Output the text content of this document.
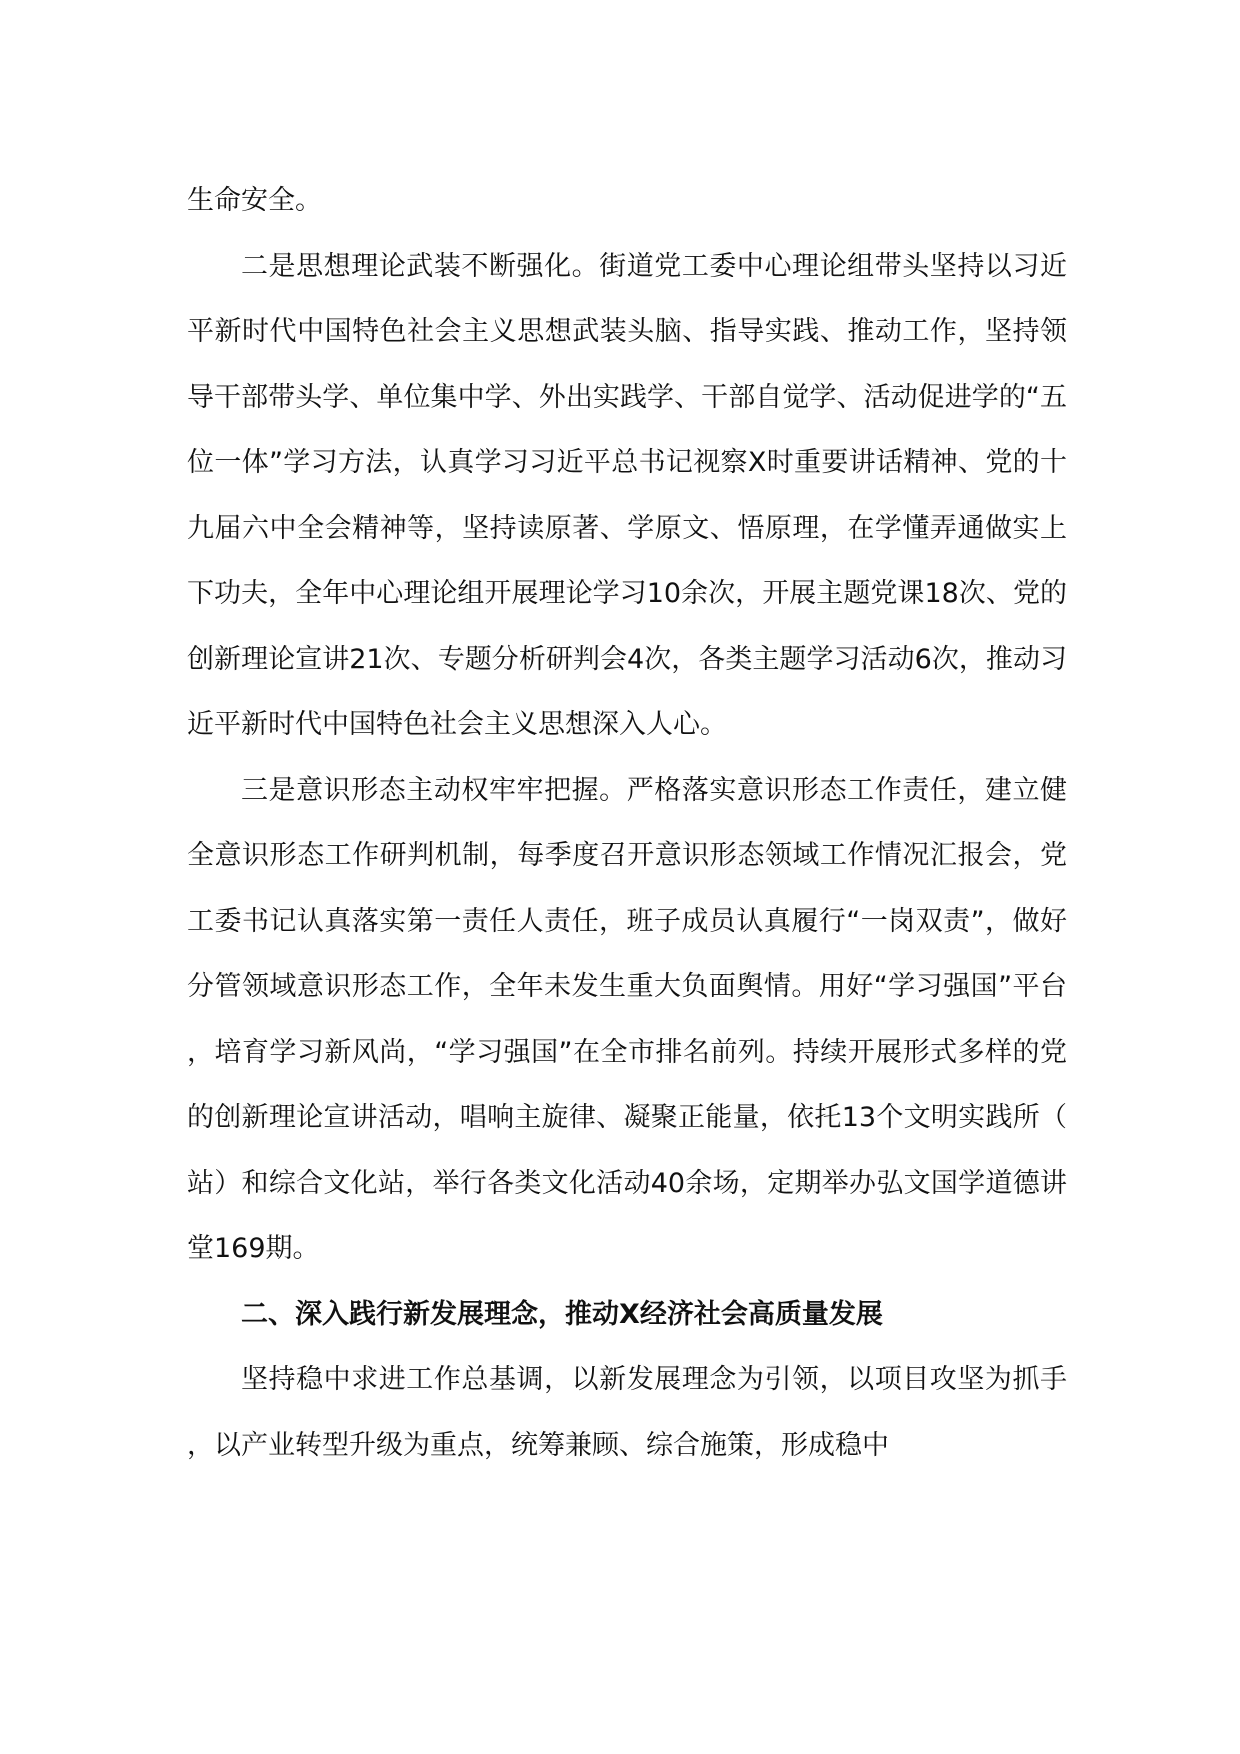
生命安全。

二是思想理论武装不断强化。街道党工委中心理论组带头坚持以习近平新时代中国特色社会主义思想武装头脑、指导实践、推动工作，坚持领导干部带头学、单位集中学、外出实践学、干部自觉学、活动促进学的“五位一体”学习方法，认真学习习近平总书记视察X时重要讲话精神、党的十九届六中全会精神等，坚持读原著、学原文、悟原理，在学懂弄通做实上下功夫，全年中心理论组开展理论学习10余次，开展主题党课18次、党的创新理论宣讲21次、专题分析研判会4次，各类主题学习活动6次，推动习近平新时代中国特色社会主义思想深入人心。

三是意识形态主动权牢牢把握。严格落实意识形态工作责任，建立健全意识形态工作研判机制，每季度召开意识形态领域工作情况汇报会，党工委书记认真落实第一责任人责任，班子成员认真履行“一岗双责”，做好分管领域意识形态工作，全年未发生重大负面舆情。用好“学习强国”平台，培育学习新风尚，“学习强国”在全市排名前列。持续开展形式多样的党的创新理论宣讲活动，唱响主旋律、凝聚正能量，依托13个文明实践所（站）和综合文化站，举行各类文化活动40余场，定期举办弘文国学道德讲堂169期。

二、深入践行新发展理念，推动X经济社会高质量发展

坚持稳中求进工作总基调，以新发展理念为引领，以项目攻坚为抓手，以产业转型升级为重点，统筹兼顾、综合施策，形成稳中
